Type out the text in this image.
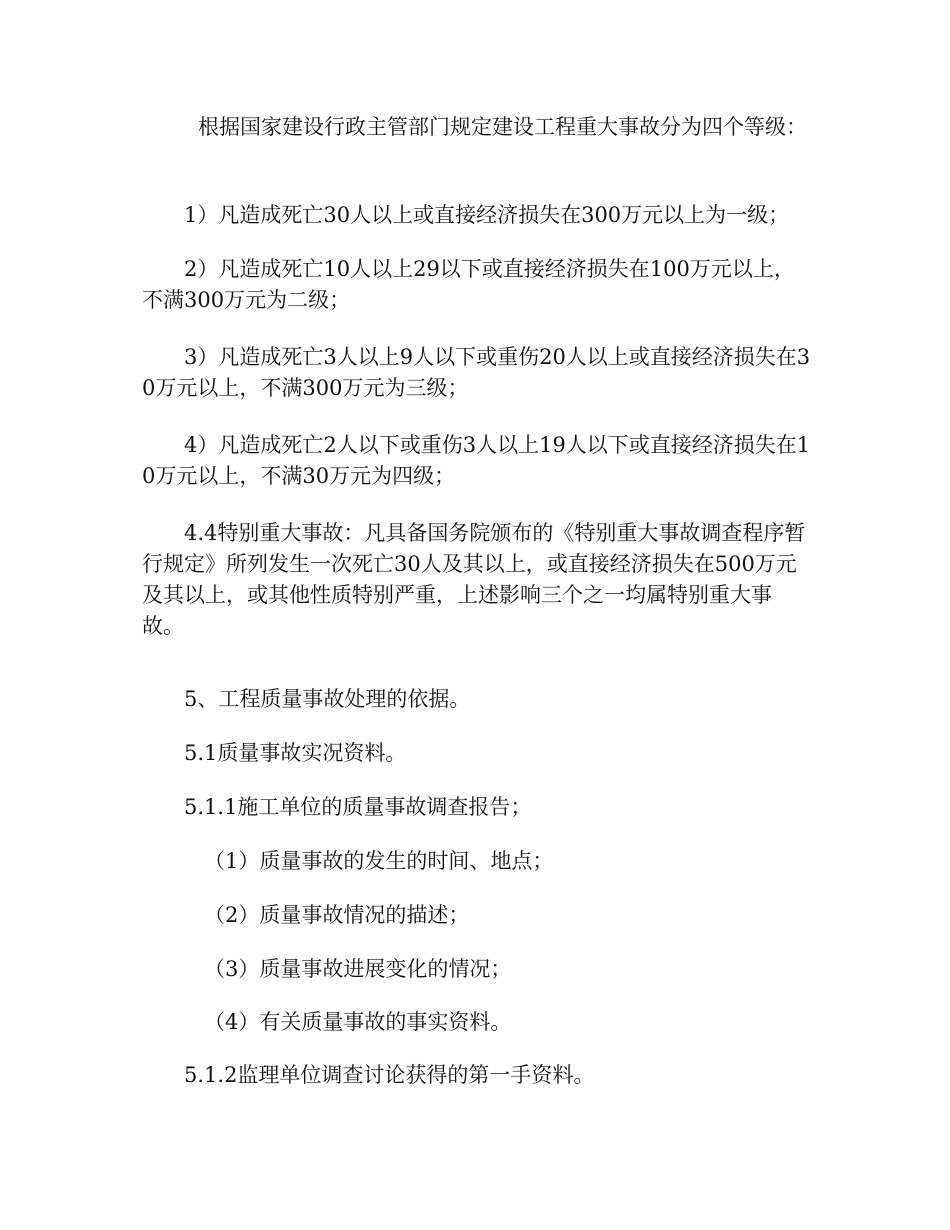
根据国家建设行政主管部门规定建设工程重大事故分为四个等级：

1）凡造成死亡30人以上或直接经济损失在300万元以上为一级；

2）凡造成死亡10人以上29以下或直接经济损失在100万元以上，不满300万元为二级；

3）凡造成死亡3人以上9人以下或重伤20人以上或直接经济损失在30万元以上，不满300万元为三级；

4）凡造成死亡2人以下或重伤3人以上19人以下或直接经济损失在10万元以上，不满30万元为四级；

4.4特别重大事故：凡具备国务院颁布的《特别重大事故调查程序暂行规定》所列发生一次死亡30人及其以上，或直接经济损失在500万元及其以上，或其他性质特别严重，上述影响三个之一均属特别重大事故。

5、工程质量事故处理的依据。

5.1质量事故实况资料。

5.1.1施工单位的质量事故调查报告；

（1）质量事故的发生的时间、地点；

（2）质量事故情况的描述；

（3）质量事故进展变化的情况；

（4）有关质量事故的事实资料。

5.1.2监理单位调查讨论获得的第一手资料。
